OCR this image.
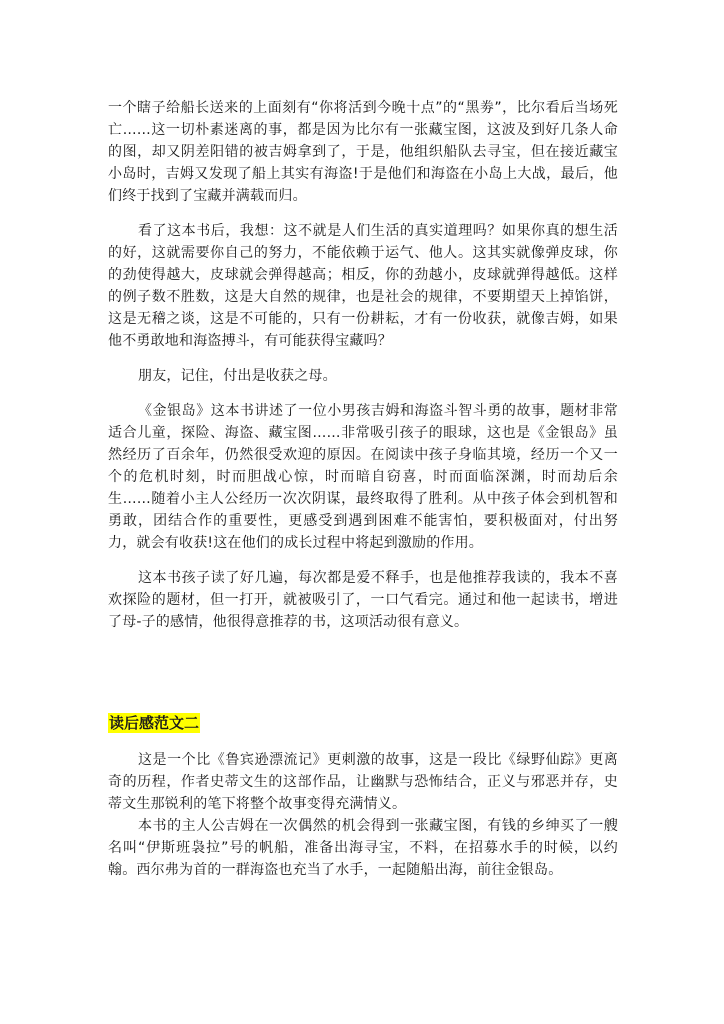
一个瞎子给船长送来的上面刻有“你将活到今晚十点”的“黑劵”，比尔看后当场死亡……这一切朴素迷离的事，都是因为比尔有一张藏宝图，这波及到好几条人命的图，却又阴差阳错的被吉姆拿到了，于是，他组织船队去寻宝，但在接近藏宝小岛时，吉姆又发现了船上其实有海盗!于是他们和海盗在小岛上大战，最后，他们终于找到了宝藏并满载而归。

看了这本书后，我想：这不就是人们生活的真实道理吗？如果你真的想生活的好，这就需要你自己的努力，不能依赖于运气、他人。这其实就像弹皮球，你的劲使得越大，皮球就会弹得越高；相反，你的劲越小，皮球就弹得越低。这样的例子数不胜数，这是大自然的规律，也是社会的规律，不要期望天上掉馅饼，这是无稽之谈，这是不可能的，只有一份耕耘，才有一份收获，就像吉姆，如果他不勇敢地和海盗搏斗，有可能获得宝藏吗？

朋友，记住，付出是收获之母。

《金银岛》这本书讲述了一位小男孩吉姆和海盗斗智斗勇的故事，题材非常适合儿童，探险、海盗、藏宝图……非常吸引孩子的眼球，这也是《金银岛》虽然经历了百余年，仍然很受欢迎的原因。在阅读中孩子身临其境，经历一个又一个的危机时刻，时而胆战心惊，时而暗自窃喜，时而面临深渊，时而劫后余生……随着小主人公经历一次次阴谋，最终取得了胜利。从中孩子体会到机智和勇敢，团结合作的重要性，更感受到遇到困难不能害怕，要积极面对，付出努力，就会有收获!这在他们的成长过程中将起到激励的作用。

这本书孩子读了好几遍，每次都是爱不释手，也是他推荐我读的，我本不喜欢探险的题材，但一打开，就被吸引了，一口气看完。通过和他一起读书，增进了母-子的感情，他很得意推荐的书，这项活动很有意义。

读后感范文二

这是一个比《鲁宾逊漂流记》更刺激的故事，这是一段比《绿野仙踪》更离奇的历程，作者史蒂文生的这部作品，让幽默与恐怖结合，正义与邪恶并存，史蒂文生那锐利的笔下将整个故事变得充满情义。

本书的主人公吉姆在一次偶然的机会得到一张藏宝图，有钱的乡绅买了一艘名叫“伊斯班袅拉”号的帆船，准备出海寻宝，不料，在招募水手的时候，以约翰。西尔弗为首的一群海盗也充当了水手，一起随船出海，前往金银岛。
